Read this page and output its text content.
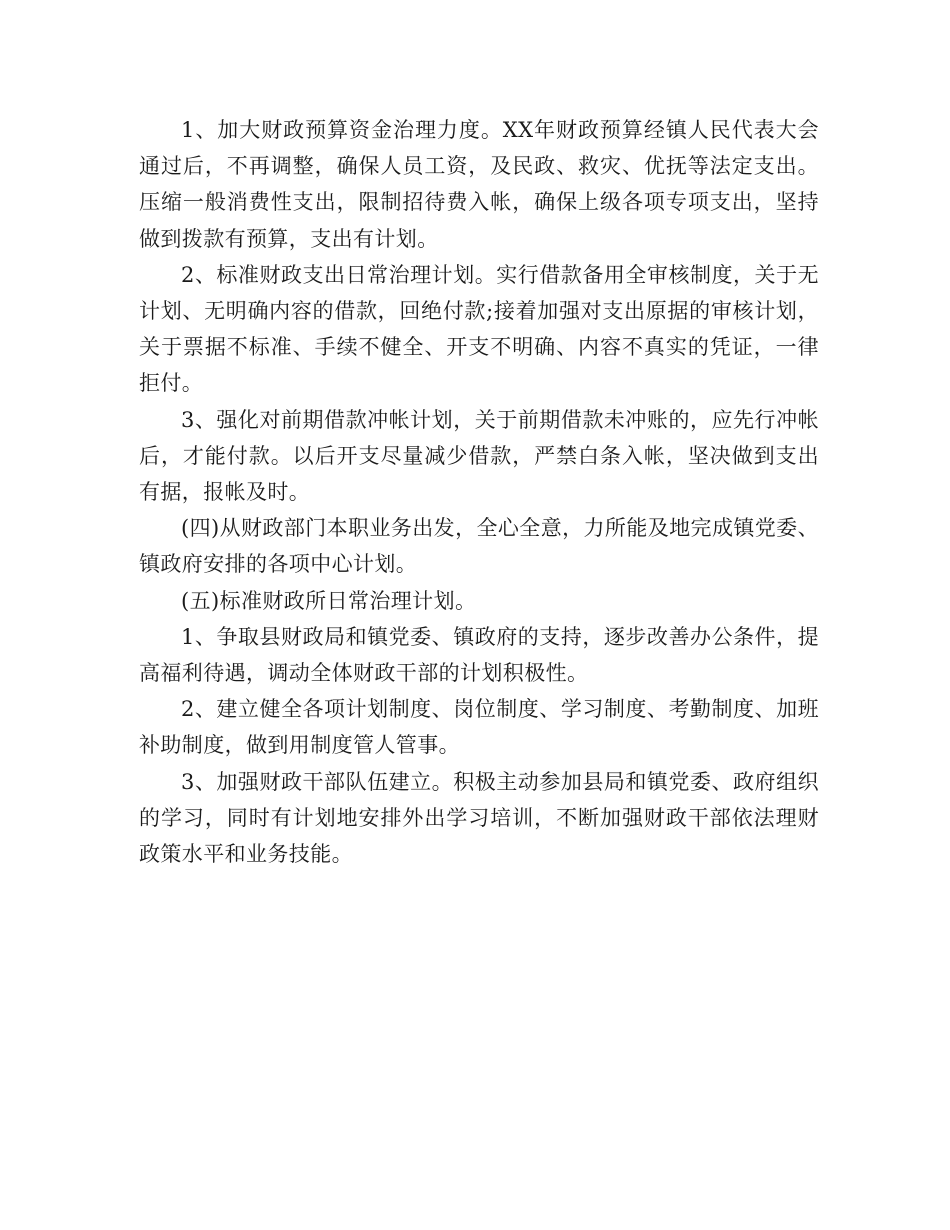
1、加大财政预算资金治理力度。XX年财政预算经镇人民代表大会通过后，不再调整，确保人员工资，及民政、救灾、优抚等法定支出。压缩一般消费性支出，限制招待费入帐，确保上级各项专项支出，坚持做到拨款有预算，支出有计划。

2、标准财政支出日常治理计划。实行借款备用全审核制度，关于无计划、无明确内容的借款，回绝付款;接着加强对支出原据的审核计划，关于票据不标准、手续不健全、开支不明确、内容不真实的凭证，一律拒付。

3、强化对前期借款冲帐计划，关于前期借款未冲账的，应先行冲帐后，才能付款。以后开支尽量减少借款，严禁白条入帐，坚决做到支出有据，报帐及时。

(四)从财政部门本职业务出发，全心全意，力所能及地完成镇党委、镇政府安排的各项中心计划。

(五)标准财政所日常治理计划。

1、争取县财政局和镇党委、镇政府的支持，逐步改善办公条件，提高福利待遇，调动全体财政干部的计划积极性。

2、建立健全各项计划制度、岗位制度、学习制度、考勤制度、加班补助制度，做到用制度管人管事。

3、加强财政干部队伍建立。积极主动参加县局和镇党委、政府组织的学习，同时有计划地安排外出学习培训，不断加强财政干部依法理财政策水平和业务技能。
